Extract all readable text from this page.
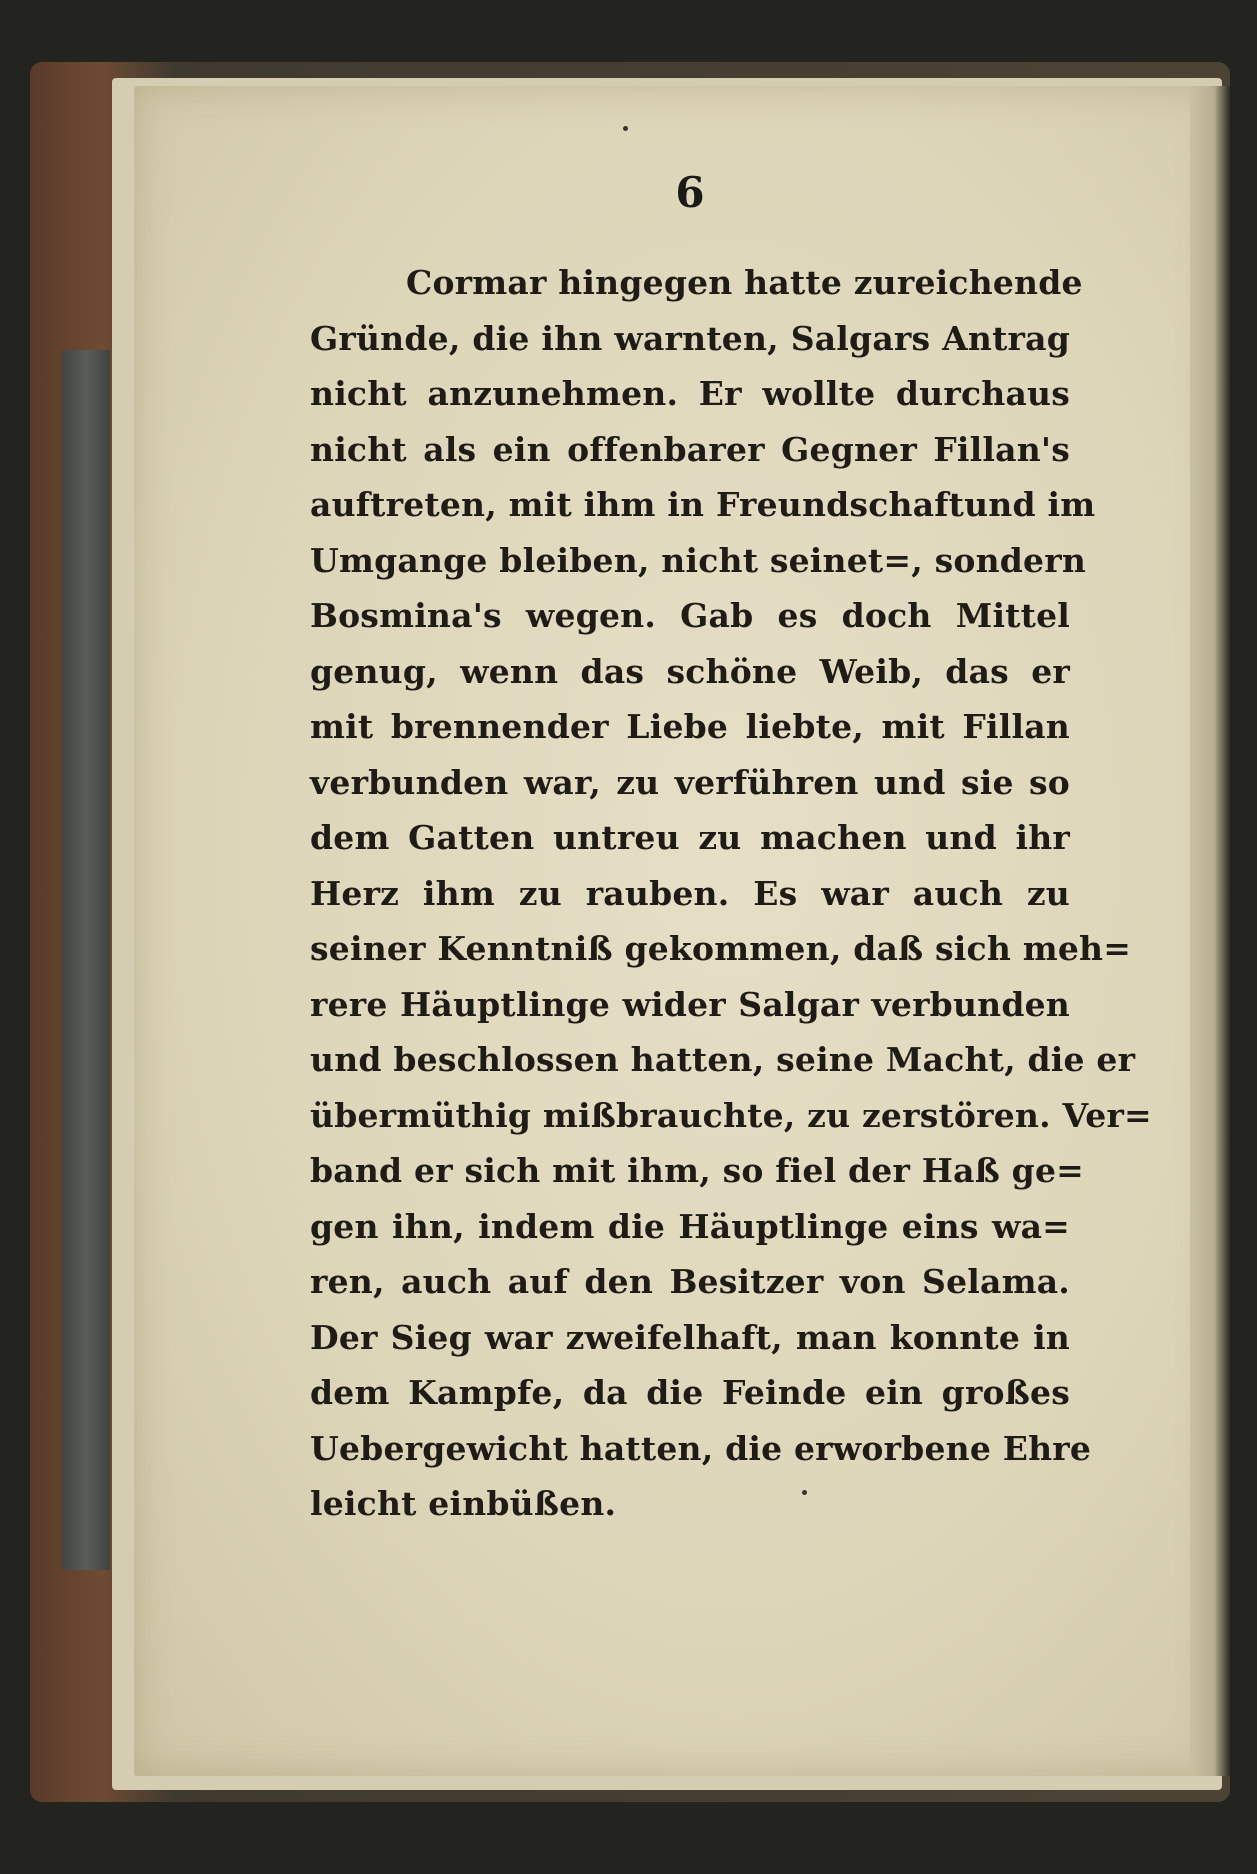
6
Cormar hingegen hatte zureichende
Gründe, die ihn warnten, Salgars Antrag
nicht anzunehmen. Er wollte durchaus
nicht als ein offenbarer Gegner Fillan's
auftreten, mit ihm in Freundschaftund im
Umgange bleiben, nicht seinet=, sondern
Bosmina's wegen. Gab es doch Mittel
genug, wenn das schöne Weib, das er
mit brennender Liebe liebte, mit Fillan
verbunden war, zu verführen und sie so
dem Gatten untreu zu machen und ihr
Herz ihm zu rauben. Es war auch zu
seiner Kenntniß gekommen, daß sich meh=
rere Häuptlinge wider Salgar verbunden
und beschlossen hatten, seine Macht, die er
übermüthig mißbrauchte, zu zerstören. Ver=
band er sich mit ihm, so fiel der Haß ge=
gen ihn, indem die Häuptlinge eins wa=
ren, auch auf den Besitzer von Selama.
Der Sieg war zweifelhaft, man konnte in
dem Kampfe, da die Feinde ein großes
Uebergewicht hatten, die erworbene Ehre
leicht einbüßen.
